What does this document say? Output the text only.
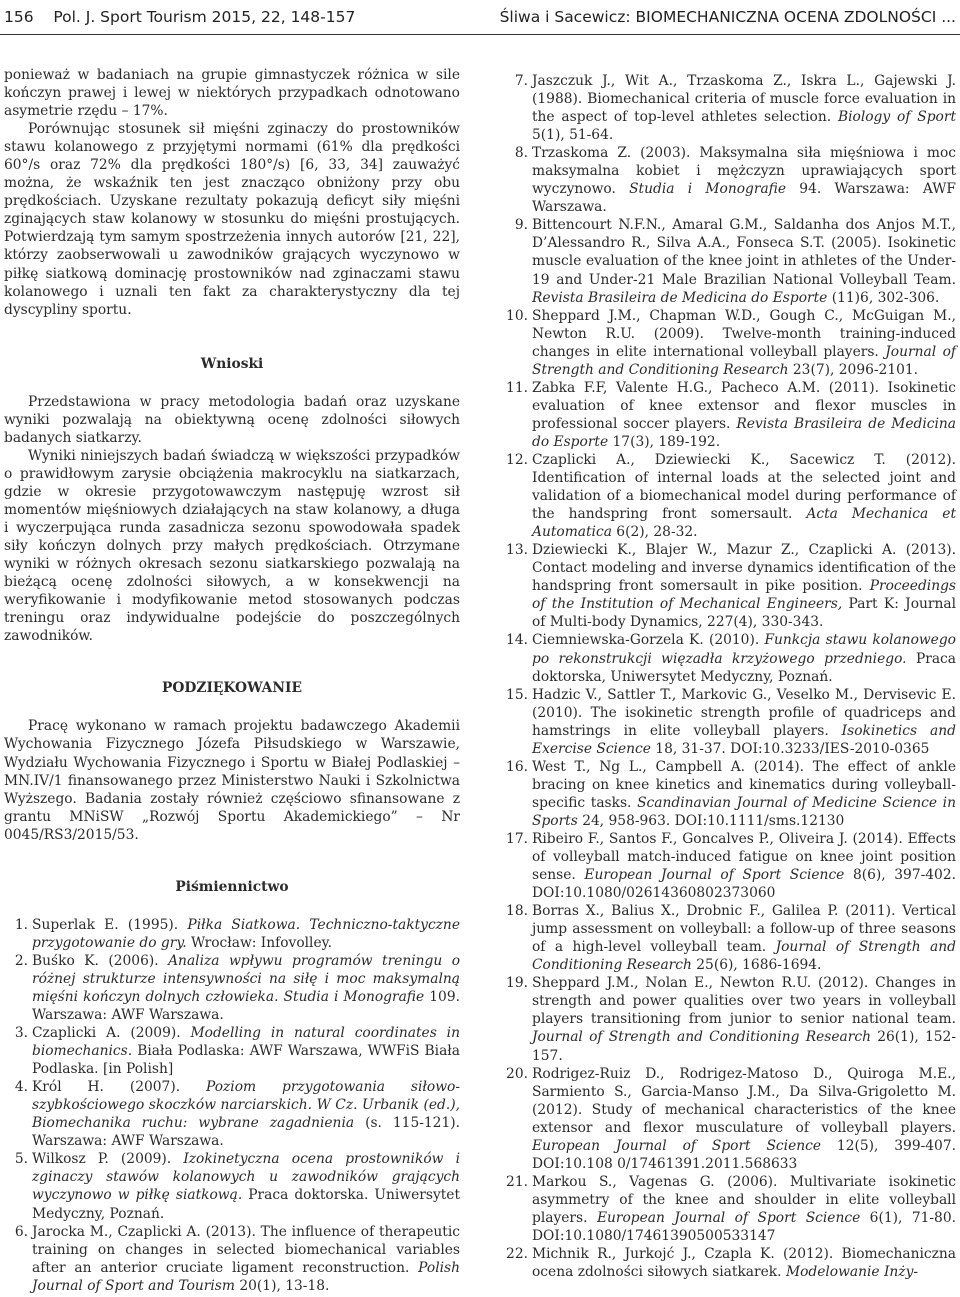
156
Pol. J. Sport Tourism
2015 , 22 , 148-157	Śliwa i Sacewicz: BIOMECHANICZNA OCENA ZDOLNOŚCI ...

ponieważ w badaniach na grupie gimnastyczek różnica w sile kończyn prawej i lewej w niektórych przypadkach odnotowano asymetrie rzędu – 17%.

Porównując stosunek sił mięśni zginaczy do prostowników stawu kolanowego z przyjętymi normami (61% dla prędkości 60°/s oraz 72% dla prędkości 180°/s) [6, 33, 34] zauważyć można, że wskaźnik ten jest znacząco obniżony przy obu prędkościach. Uzyskane rezultaty pokazują deficyt siły mięśni zginających staw kolanowy w stosunku do mięśni prostujących. Potwierdzają tym samym spostrzeżenia innych autorów [21, 22], którzy zaobserwowali u zawodników grających wyczynowo w piłkę siatkową dominację prostowników nad zginaczami stawu kolanowego i uznali ten fakt za charakterystyczny dla tej dyscypliny sportu.

Wnioski

Przedstawiona w pracy metodologia badań oraz uzyskane wyniki pozwalają na obiektywną ocenę zdolności siłowych badanych siatkarzy.

Wyniki niniejszych badań świadczą w większości przypadków o prawidłowym zarysie obciążenia makrocyklu na siatkarzach, gdzie w okresie przygotowawczym następuję wzrost sił momentów mięśniowych działających na staw kolanowy, a długa i wyczerpująca runda zasadnicza sezonu spowodowała spadek siły kończyn dolnych przy małych prędkościach. Otrzymane wyniki w różnych okresach sezonu siatkarskiego pozwalają na bieżącą ocenę zdolności siłowych, a w konsekwencji na weryfikowanie i modyfikowanie metod stosowanych podczas treningu oraz indywidualne podejście do poszczególnych zawodników.

PODZIĘKOWANIE

Pracę wykonano w ramach projektu badawczego Akademii Wychowania Fizycznego Józefa Piłsudskiego w Warszawie, Wydziału Wychowania Fizycznego i Sportu w Białej Podlaskiej – MN.IV/1 finansowanego przez Ministerstwo Nauki i Szkolnictwa Wyższego. Badania zostały również częściowo sfinansowane z grantu MNiSW „Rozwój Sportu Akademickiego” – Nr 0045/RS3/2015/53.

Piśmiennictwo

1. Superlak E. (1995). Piłka Siatkowa. Techniczno-taktyczne przygotowanie do gry. Wrocław: Infovolley.

2. Buśko K. (2006). Analiza wpływu programów treningu o różnej strukturze intensywności na siłę i moc maksymalną mięśni kończyn dolnych człowieka. Studia i Monografie 109. Warszawa: AWF Warszawa.

3. Czaplicki A. (2009). Modelling in natural coordinates in biomechanics. Biała Podlaska: AWF Warszawa, WWFiS Biała Podlaska. [in Polish]

4. Król H. (2007). Poziom przygotowania siłowo-szybkościowego skoczków narciarskich. W Cz. Urbanik (ed.), Biomechanika ruchu: wybrane zagadnienia (s. 115-121). Warszawa: AWF Warszawa.

5. Wilkosz P. (2009). Izokinetyczna ocena prostowników i zginaczy stawów kolanowych u zawodników grających wyczynowo w piłkę siatkową. Praca doktorska. Uniwersytet Medyczny, Poznań.

6. Jarocka M., Czaplicki A. (2013). The influence of therapeutic training on changes in selected biomechanical variables after an anterior cruciate ligament reconstruction. Polish Journal of Sport and Tourism 20(1), 13-18.

7. Jaszczuk J., Wit A., Trzaskoma Z., Iskra L., Gajewski J. (1988). Biomechanical criteria of muscle force evaluation in the aspect of top-level athletes selection. Biology of Sport 5(1), 51-64.

8. Trzaskoma Z. (2003). Maksymalna siła mięśniowa i moc maksymalna kobiet i mężczyzn uprawiających sport wyczynowo. Studia i Monografie 94. Warszawa: AWF Warszawa.

9. Bittencourt N.F.N., Amaral G.M., Saldanha dos Anjos M.T., D’Alessandro R., Silva A.A., Fonseca S.T. (2005). Isokinetic muscle evaluation of the knee joint in athletes of the Under- 19 and Under-21 Male Brazilian National Volleyball Team. Revista Brasileira de Medicina do Esporte (11)6, 302-306.

10. Sheppard J.M., Chapman W.D., Gough C., McGuigan M., Newton R.U. (2009). Twelve-month training-induced changes in elite international volleyball players. Journal of Strength and Conditioning Research 23(7), 2096-2101.

11. Zabka F.F, Valente H.G., Pacheco A.M. (2011). Isokinetic evaluation of knee extensor and flexor muscles in professional soccer players. Revista Brasileira de Medicina do Esporte 17(3), 189-192.

12. Czaplicki A., Dziewiecki K., Sacewicz T. (2012). Identification of internal loads at the selected joint and validation of a biomechanical model during performance of the handspring front somersault. Acta Mechanica et Automatica 6(2), 28-32.

13. Dziewiecki K., Blajer W., Mazur Z., Czaplicki A. (2013). Contact modeling and inverse dynamics identification of the handspring front somersault in pike position. Proceedings of the Institution of Mechanical Engineers, Part K: Journal of Multi-body Dynamics, 227(4), 330-343.

14. Ciemniewska-Gorzela K. (2010). Funkcja stawu kolanowego po rekonstrukcji więzadła krzyżowego przedniego. Praca doktorska, Uniwersytet Medyczny, Poznań.

15. Hadzic V., Sattler T., Markovic G., Veselko M., Dervisevic E. (2010). The isokinetic strength profile of quadriceps and hamstrings in elite volleyball players. Isokinetics and Exercise Science 18, 31-37. DOI:10.3233/IES-2010-0365

16. West T., Ng L., Campbell A. (2014). The effect of ankle bracing on knee kinetics and kinematics during volleyball-specific tasks. Scandinavian Journal of Medicine Science in Sports 24, 958-963. DOI:10.1111/sms.12130

17. Ribeiro F., Santos F., Goncalves P., Oliveira J. (2014). Effects of volleyball match-induced fatigue on knee joint position sense. European Journal of Sport Science 8(6), 397-402. DOI:10.1080/02614360802373060

18. Borras X., Balius X., Drobnic F., Galilea P. (2011). Vertical jump assessment on volleyball: a follow-up of three seasons of a high-level volleyball team. Journal of Strength and Conditioning Research 25(6), 1686-1694.

19. Sheppard J.M., Nolan E., Newton R.U. (2012). Changes in strength and power qualities over two years in volleyball players transitioning from junior to senior national team. Journal of Strength and Conditioning Research 26(1), 152-157.

20. Rodrigez-Ruiz D., Rodrigez-Matoso D., Quiroga M.E., Sarmiento S., Garcia-Manso J.M., Da Silva-Grigoletto M. (2012). Study of mechanical characteristics of the knee extensor and flexor musculature of volleyball players. European Journal of Sport Science 12(5), 399-407. DOI:10.108 0/17461391.2011.568633

21. Markou S., Vagenas G. (2006). Multivariate isokinetic asymmetry of the knee and shoulder in elite volleyball players. European Journal of Sport Science 6(1), 71-80. DOI:10.1080/17461390500533147

22. Michnik R., Jurkojć J., Czapla K. (2012). Biomechaniczna ocena zdolności siłowych siatkarek. Modelowanie Inży-
